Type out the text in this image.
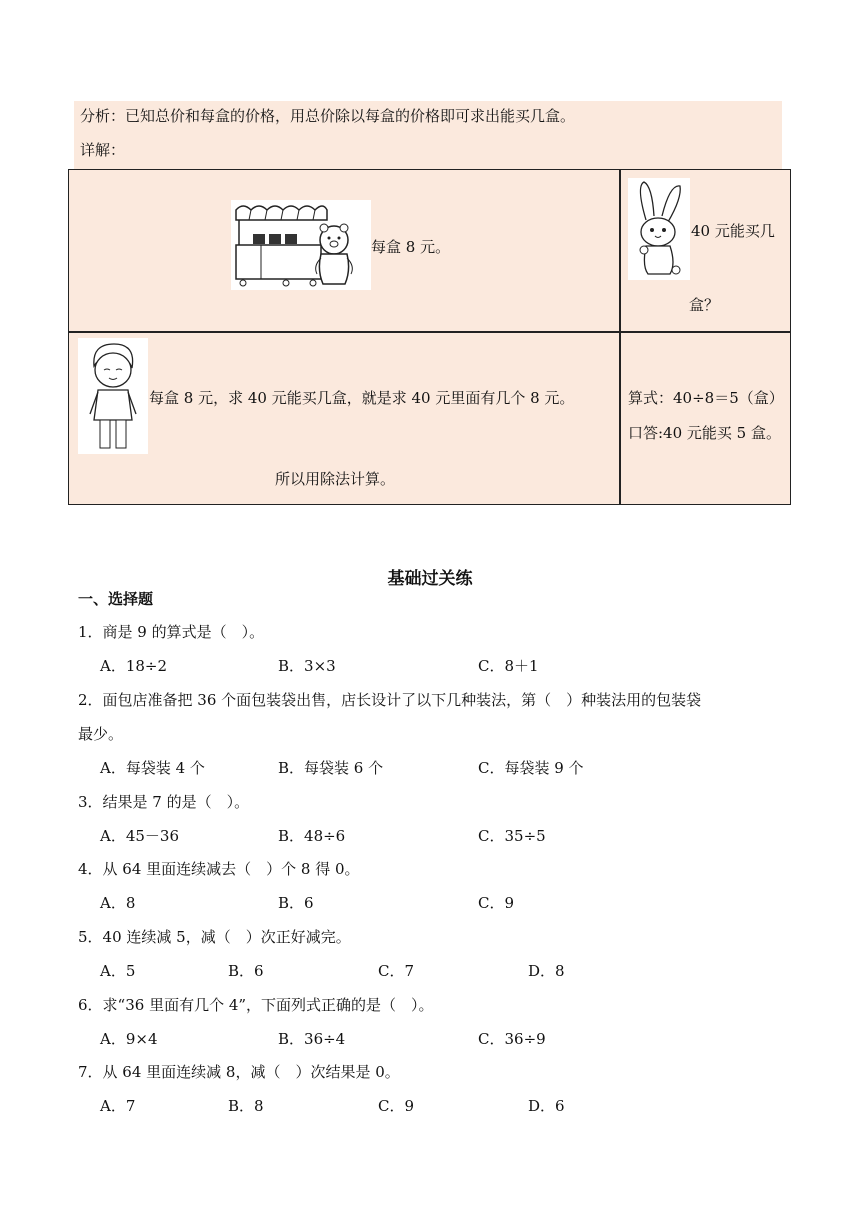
分析：已知总价和每盒的价格，用总价除以每盒的价格即可求出能买几盒。
详解：
每盒 8 元。
40 元能买几
盒？
每盒 8 元，求 40 元能买几盒，就是求 40 元里面有几个 8 元。
所以用除法计算。
算式：40÷8＝5（盒）
口答:40 元能买 5 盒。
基础过关练
一、选择题
1．商是 9 的算式是（　）。
A．18÷2	B．3×3	C．8＋1
2．面包店准备把 36 个面包装袋出售，店长设计了以下几种装法，第（　）种装法用的包装袋
最少。
A．每袋装 4 个	B．每袋装 6 个	C．每袋装 9 个
3．结果是 7 的是（　）。
A．45－36	B．48÷6	C．35÷5
4．从 64 里面连续减去（　）个 8 得 0。
A．8	B．6	C．9
5．40 连续减 5，减（　）次正好减完。
A．5	B．6	C．7	D．8
6．求“36 里面有几个 4”，下面列式正确的是（　）。
A．9×4	B．36÷4	C．36÷9
7．从 64 里面连续减 8，减（　）次结果是 0。
A．7	B．8	C．9	D．6
